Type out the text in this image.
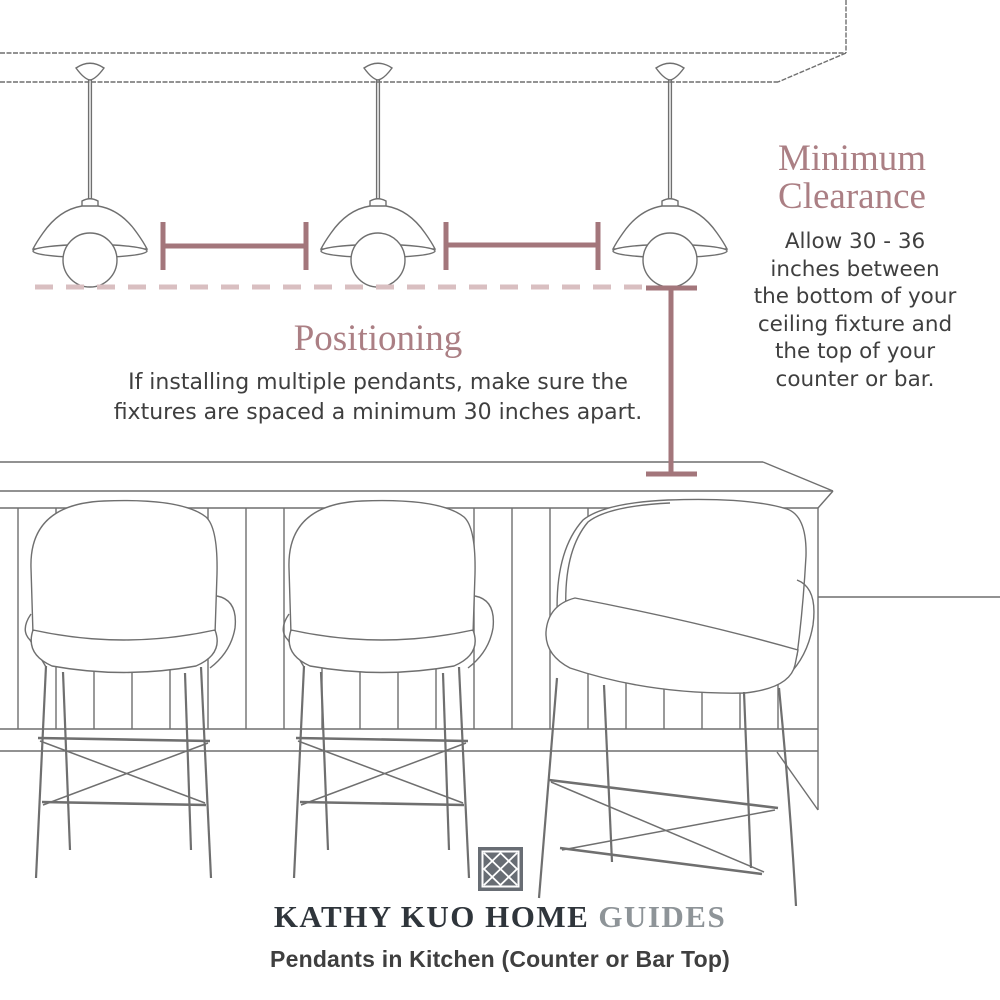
Positioning
If installing multiple pendants, make sure the
fixtures are spaced a minimum 30 inches apart.
Minimum
Clearance
Allow 30 - 36
inches between
the bottom of your
ceiling fixture and
the top of your
counter or bar.
KATHY KUO HOME GUIDES
Pendants in Kitchen (Counter or Bar Top)
